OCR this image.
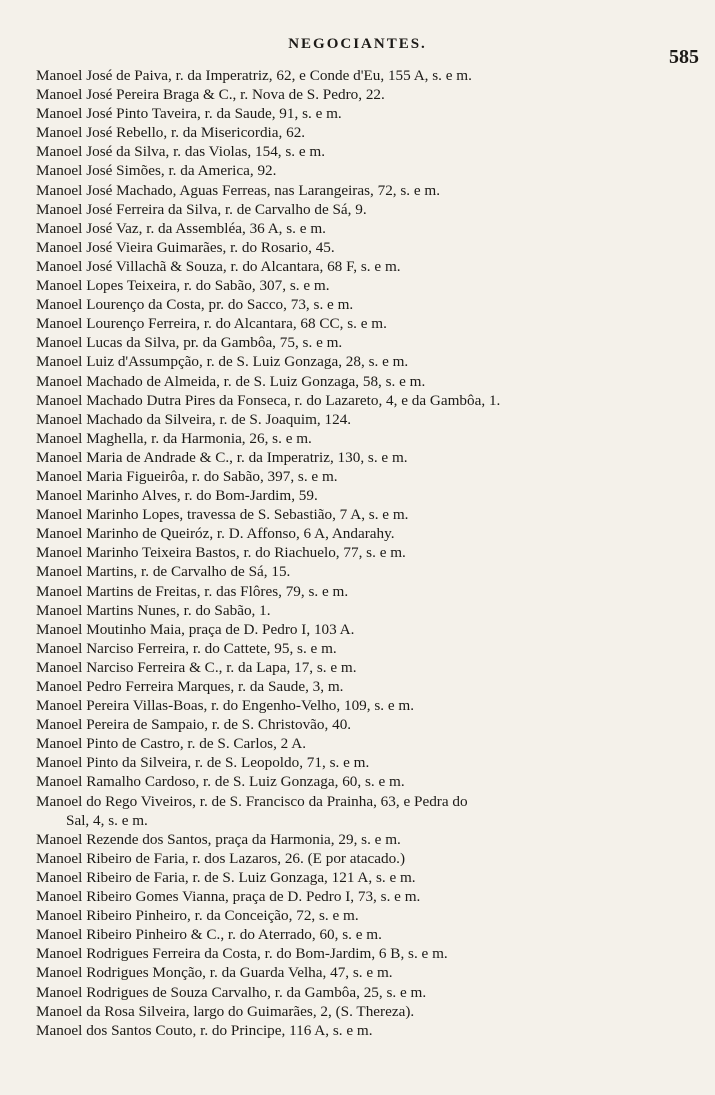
NEGOCIANTES.
585
Manoel José de Paiva, r. da Imperatriz, 62, e Conde d'Eu, 155 A, s. e m.
Manoel José Pereira Braga & C., r. Nova de S. Pedro, 22.
Manoel José Pinto Taveira, r. da Saude, 91, s. e m.
Manoel José Rebello, r. da Misericordia, 62.
Manoel José da Silva, r. das Violas, 154, s. e m.
Manoel José Simões, r. da America, 92.
Manoel José Machado, Aguas Ferreas, nas Larangeiras, 72, s. e m.
Manoel José Ferreira da Silva, r. de Carvalho de Sá, 9.
Manoel José Vaz, r. da Assembléa, 36 A, s. e m.
Manoel José Vieira Guimarães, r. do Rosario, 45.
Manoel José Villachã & Souza, r. do Alcantara, 68 F, s. e m.
Manoel Lopes Teixeira, r. do Sabão, 307, s. e m.
Manoel Lourenço da Costa, pr. do Sacco, 73, s. e m.
Manoel Lourenço Ferreira, r. do Alcantara, 68 CC, s. e m.
Manoel Lucas da Silva, pr. da Gambôa, 75, s. e m.
Manoel Luiz d'Assumpção, r. de S. Luiz Gonzaga, 28, s. e m.
Manoel Machado de Almeida, r. de S. Luiz Gonzaga, 58, s. e m.
Manoel Machado Dutra Pires da Fonseca, r. do Lazareto, 4, e da Gambôa, 1.
Manoel Machado da Silveira, r. de S. Joaquim, 124.
Manoel Maghella, r. da Harmonia, 26, s. e m.
Manoel Maria de Andrade & C., r. da Imperatriz, 130, s. e m.
Manoel Maria Figueirôa, r. do Sabão, 397, s. e m.
Manoel Marinho Alves, r. do Bom-Jardim, 59.
Manoel Marinho Lopes, travessa de S. Sebastião, 7 A, s. e m.
Manoel Marinho de Queiróz, r. D. Affonso, 6 A, Andarahy.
Manoel Marinho Teixeira Bastos, r. do Riachuelo, 77, s. e m.
Manoel Martins, r. de Carvalho de Sá, 15.
Manoel Martins de Freitas, r. das Flôres, 79, s. e m.
Manoel Martins Nunes, r. do Sabão, 1.
Manoel Moutinho Maia, praça de D. Pedro I, 103 A.
Manoel Narciso Ferreira, r. do Cattete, 95, s. e m.
Manoel Narciso Ferreira & C., r. da Lapa, 17, s. e m.
Manoel Pedro Ferreira Marques, r. da Saude, 3, m.
Manoel Pereira Villas-Boas, r. do Engenho-Velho, 109, s. e m.
Manoel Pereira de Sampaio, r. de S. Christovão, 40.
Manoel Pinto de Castro, r. de S. Carlos, 2 A.
Manoel Pinto da Silveira, r. de S. Leopoldo, 71, s. e m.
Manoel Ramalho Cardoso, r. de S. Luiz Gonzaga, 60, s. e m.
Manoel do Rego Viveiros, r. de S. Francisco da Prainha, 63, e Pedra do
Sal, 4, s. e m.
Manoel Rezende dos Santos, praça da Harmonia, 29, s. e m.
Manoel Ribeiro de Faria, r. dos Lazaros, 26. (E por atacado.)
Manoel Ribeiro de Faria, r. de S. Luiz Gonzaga, 121 A, s. e m.
Manoel Ribeiro Gomes Vianna, praça de D. Pedro I, 73, s. e m.
Manoel Ribeiro Pinheiro, r. da Conceição, 72, s. e m.
Manoel Ribeiro Pinheiro & C., r. do Aterrado, 60, s. e m.
Manoel Rodrigues Ferreira da Costa, r. do Bom-Jardim, 6 B, s. e m.
Manoel Rodrigues Monção, r. da Guarda Velha, 47, s. e m.
Manoel Rodrigues de Souza Carvalho, r. da Gambôa, 25, s. e m.
Manoel da Rosa Silveira, largo do Guimarães, 2, (S. Thereza).
Manoel dos Santos Couto, r. do Principe, 116 A, s. e m.
